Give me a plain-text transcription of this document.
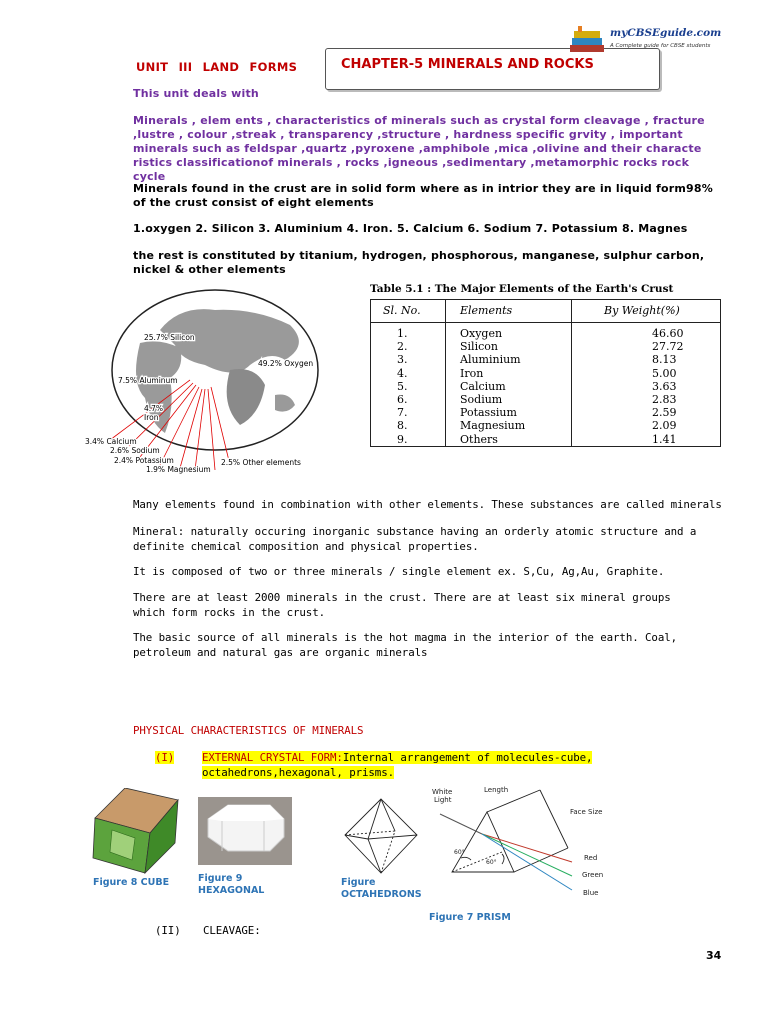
UNIT III LAND FORMS	CHAPTER-5 MINERALS AND ROCKS
myCBSEguide.com
A Complete guide for CBSE students
This unit deals with
Minerals , elem ents , characteristics of minerals such as crystal form cleavage , fracture ,lustre , colour ,streak , transparency ,structure , hardness specific grvity , important minerals such as feldspar ,quartz ,pyroxene ,amphibole ,mica ,olivine and their characte ristics classificationof minerals , rocks ,igneous ,sedimentary ,metamorphic rocks rock cycle
Minerals found in the crust are in solid form where as in intrior they are in liquid form98% of the crust consist of eight elements
1.oxygen 2. Silicon 3. Aluminium 4. Iron. 5. Calcium 6. Sodium 7. Potassium 8. Magnes
the rest is constituted by titanium, hydrogen, phosphorous, manganese, sulphur carbon, nickel & other elements
25.7% Silicon
49.2% Oxygen
7.5% Aluminum
4.7%
Iron
3.4% Calcium
2.6% Sodium
2.4% Potassium
1.9% Magnesium
2.5% Other elements
Table 5.1 : The Major Elements of the Earth's Crust
Sl. No.	Elements	By Weight(%)
1.	Oxygen	46.60
2.	Silicon	27.72
3.	Aluminium	8.13
4.	Iron	5.00
5.	Calcium	3.63
6.	Sodium	2.83
7.	Potassium	2.59
8.	Magnesium	2.09
9.	Others	1.41
Many elements found in combination with other elements. These substances are called minerals
Mineral: naturally occuring inorganic substance having an orderly atomic structure and a definite chemical composition and physical properties.
It is composed of two or three minerals / single element ex. S,Cu, Ag,Au, Graphite.
There are at least 2000 minerals in the crust. There are at least six mineral groups which form rocks in the crust.
The basic source of all minerals is the hot magma in the interior of the earth. Coal, petroleum and natural gas are organic minerals
PHYSICAL CHARACTERISTICS OF MINERALS
(I)	EXTERNAL CRYSTAL FORM:Internal arrangement of molecules-cube,
octahedrons,hexagonal, prisms.
Figure 8 CUBE	Figure 9
HEXAGONAL
Figure
OCTAHEDRONS
White
Light
Length
Face Size
Red
Green
Blue
60°
60°
Figure 7 PRISM
(II) CLEAVAGE:
34
